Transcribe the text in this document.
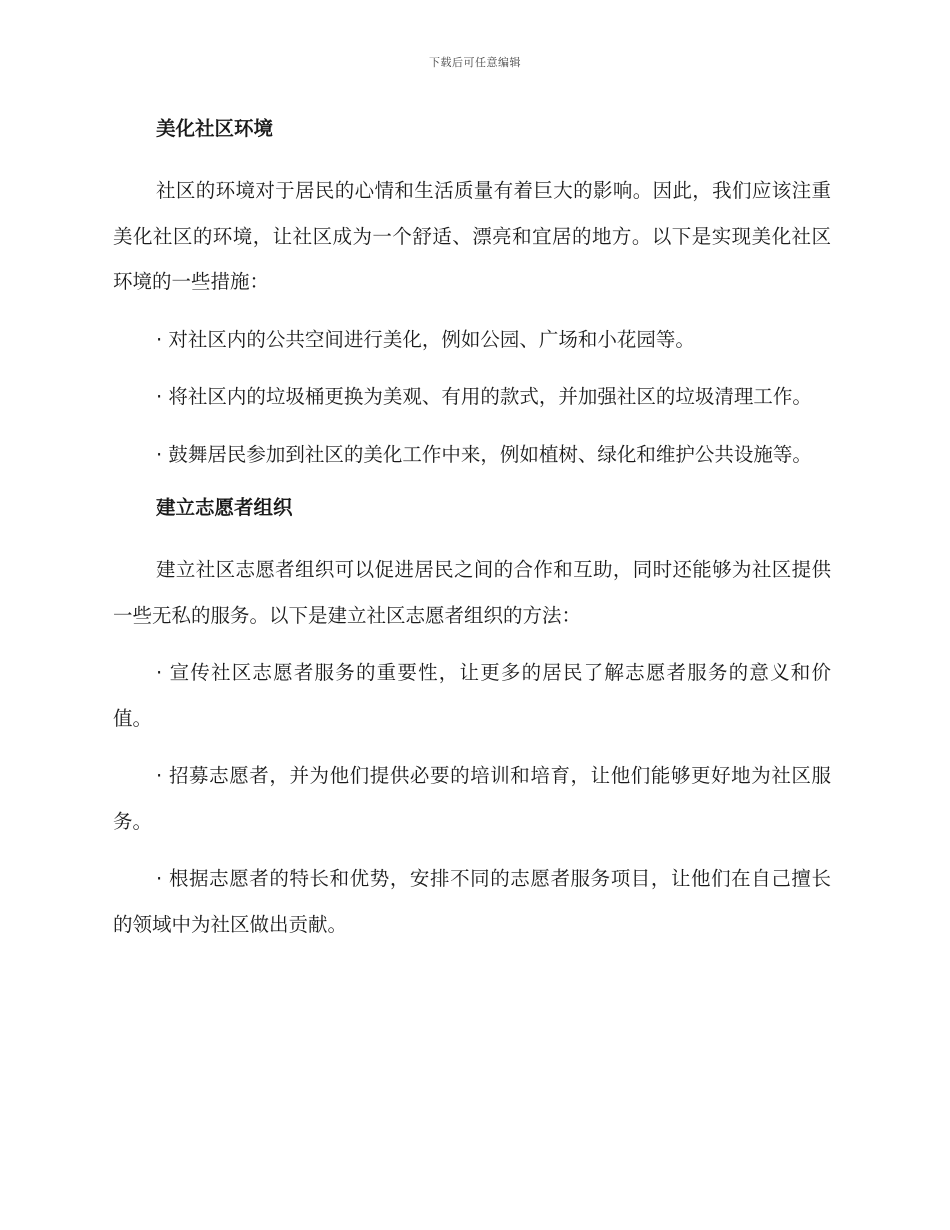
下载后可任意编辑
美化社区环境

社区的环境对于居民的心情和生活质量有着巨大的影响。因此，我们应该注重美化社区的环境，让社区成为一个舒适、漂亮和宜居的地方。以下是实现美化社区环境的一些措施：

· 对社区内的公共空间进行美化，例如公园、广场和小花园等。

· 将社区内的垃圾桶更换为美观、有用的款式，并加强社区的垃圾清理工作。

· 鼓舞居民参加到社区的美化工作中来，例如植树、绿化和维护公共设施等。

建立志愿者组织

建立社区志愿者组织可以促进居民之间的合作和互助，同时还能够为社区提供一些无私的服务。以下是建立社区志愿者组织的方法：

· 宣传社区志愿者服务的重要性，让更多的居民了解志愿者服务的意义和价值。

· 招募志愿者，并为他们提供必要的培训和培育，让他们能够更好地为社区服务。

· 根据志愿者的特长和优势，安排不同的志愿者服务项目，让他们在自己擅长的领域中为社区做出贡献。
